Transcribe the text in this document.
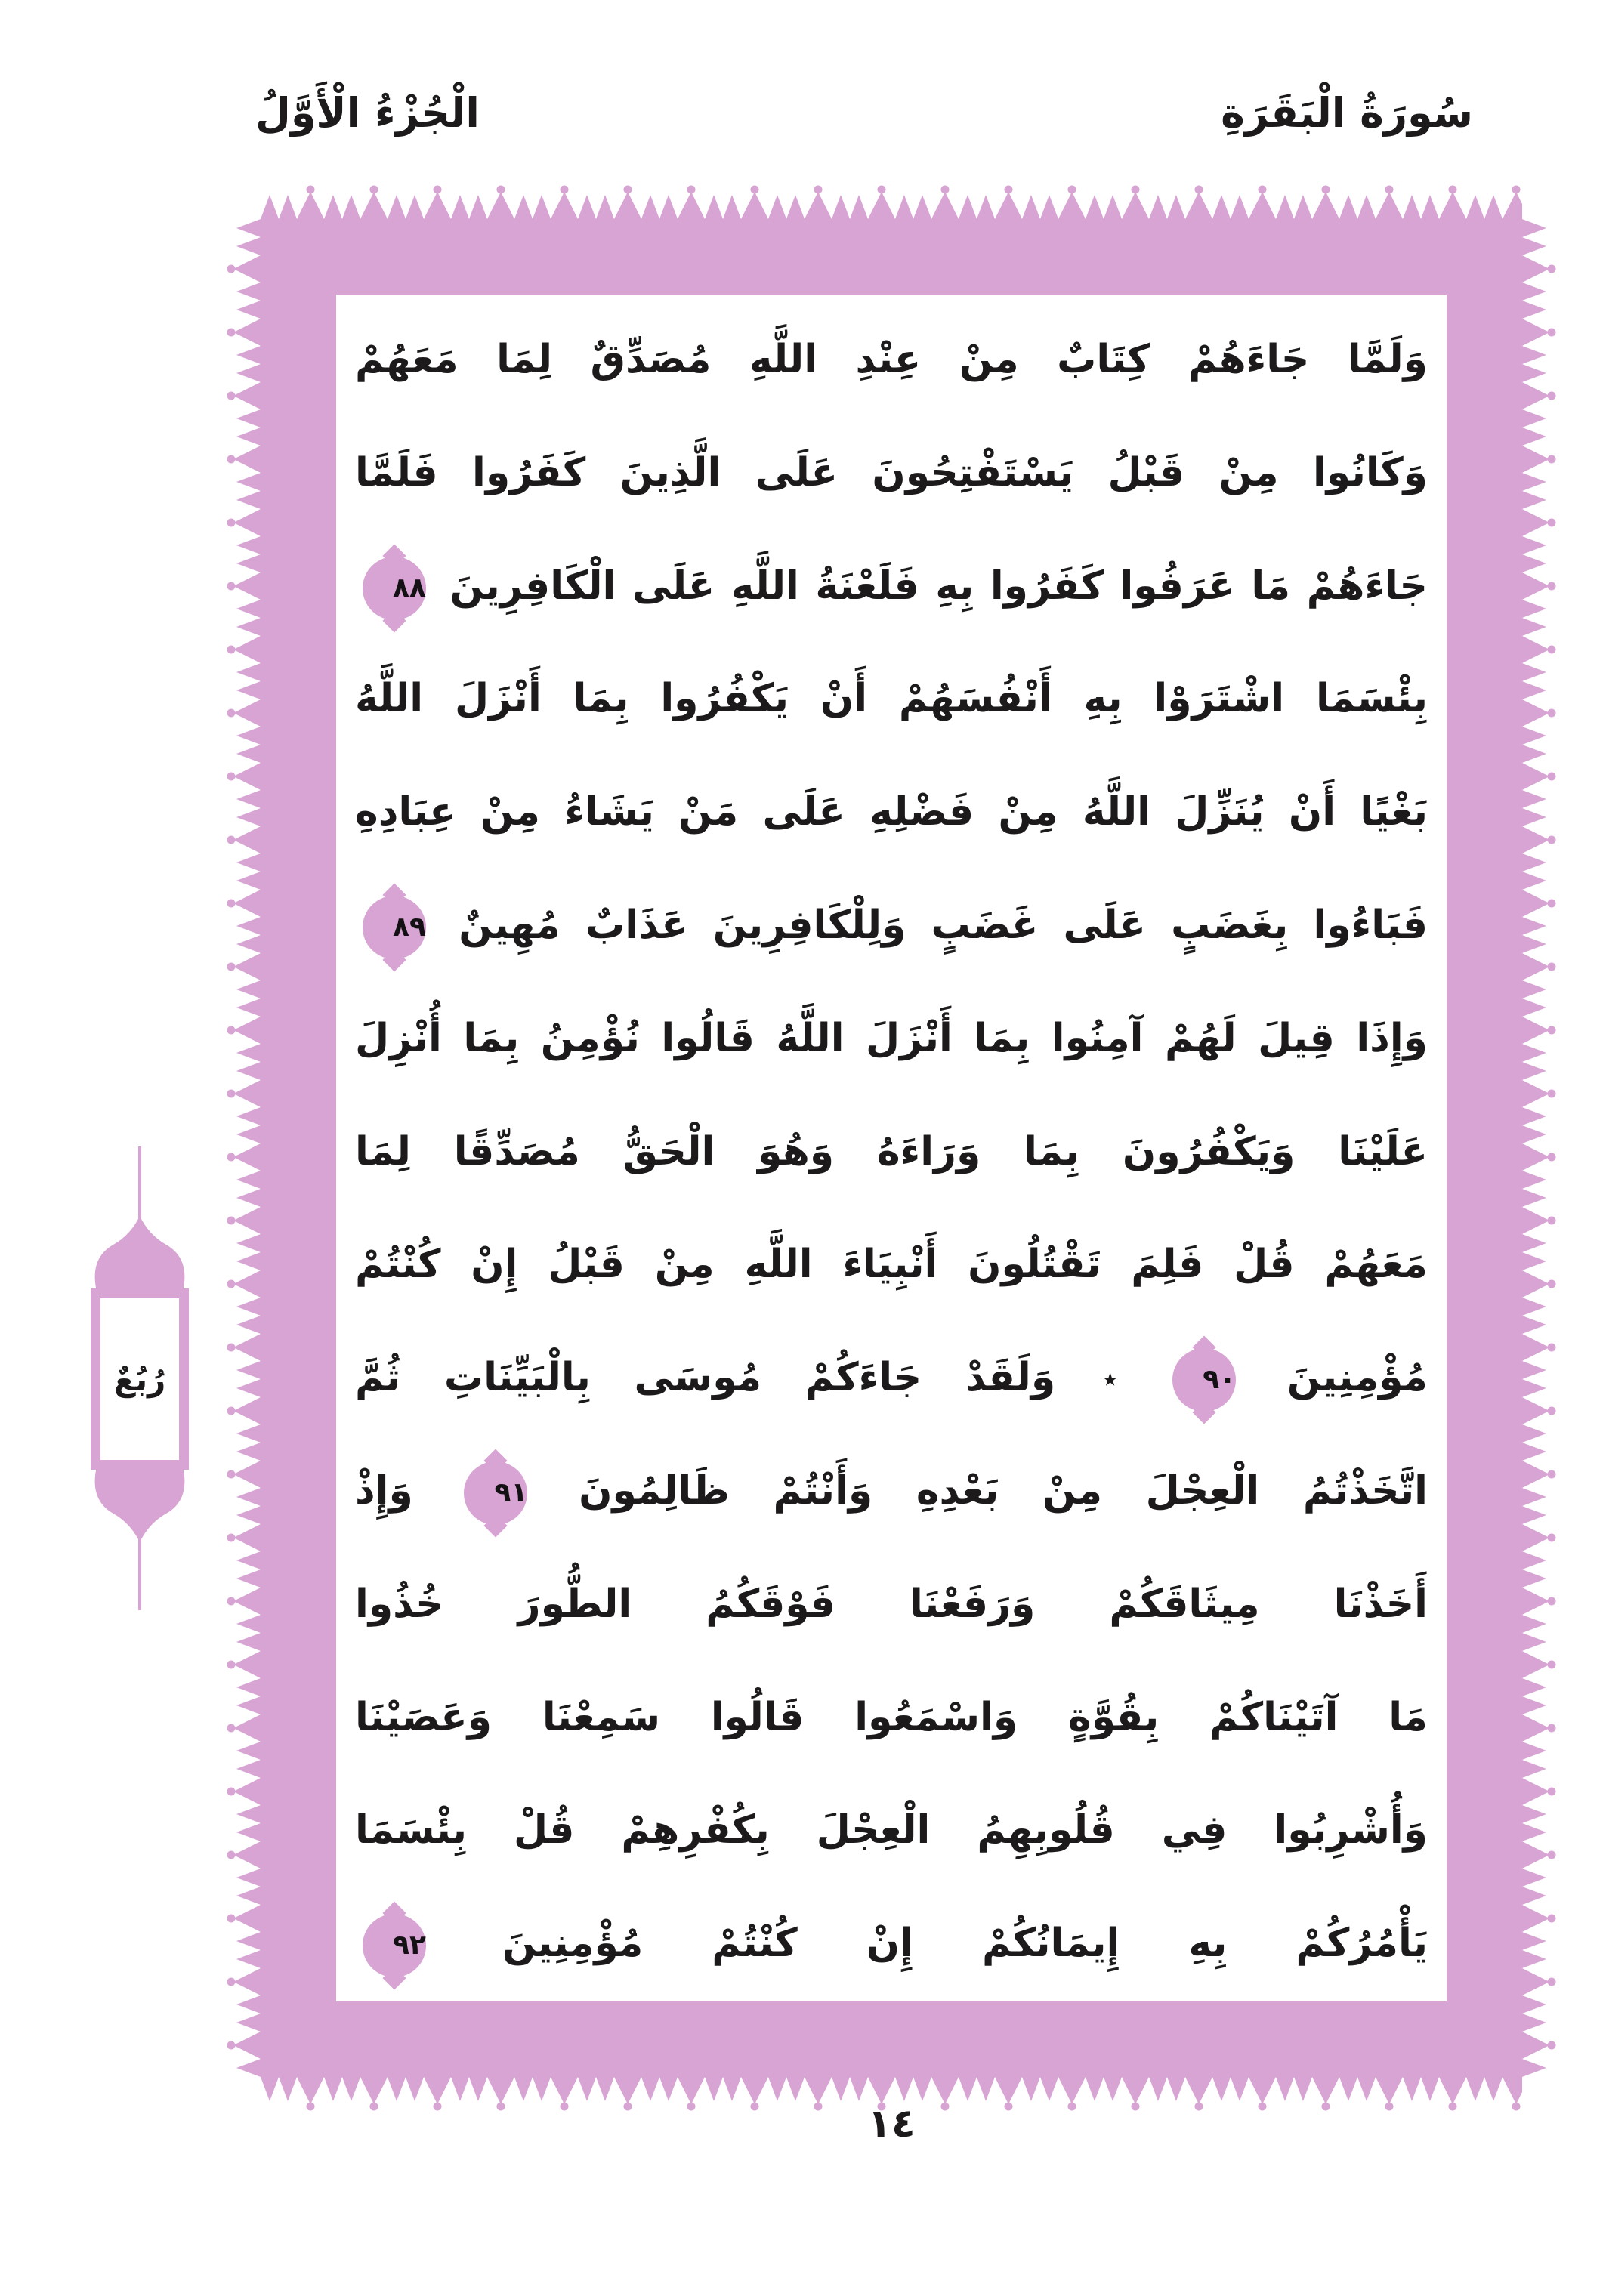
الْجُزْءُ الْأَوَّلُ	سُورَةُ الْبَقَرَةِ
وَلَمَّا جَاءَهُمْ كِتَابٌ مِنْ عِنْدِ اللَّهِ مُصَدِّقٌ لِمَا مَعَهُمْ
وَكَانُوا مِنْ قَبْلُ يَسْتَفْتِحُونَ عَلَى الَّذِينَ كَفَرُوا فَلَمَّا
جَاءَهُمْ مَا عَرَفُوا كَفَرُوا بِهِ فَلَعْنَةُ اللَّهِ عَلَى الْكَافِرِينَ ٨٨
بِئْسَمَا اشْتَرَوْا بِهِ أَنْفُسَهُمْ أَنْ يَكْفُرُوا بِمَا أَنْزَلَ اللَّهُ
بَغْيًا أَنْ يُنَزِّلَ اللَّهُ مِنْ فَضْلِهِ عَلَى مَنْ يَشَاءُ مِنْ عِبَادِهِ
فَبَاءُوا بِغَضَبٍ عَلَى غَضَبٍ وَلِلْكَافِرِينَ عَذَابٌ مُهِينٌ ٨٩
وَإِذَا قِيلَ لَهُمْ آمِنُوا بِمَا أَنْزَلَ اللَّهُ قَالُوا نُؤْمِنُ بِمَا أُنْزِلَ
عَلَيْنَا وَيَكْفُرُونَ بِمَا وَرَاءَهُ وَهُوَ الْحَقُّ مُصَدِّقًا لِمَا
مَعَهُمْ قُلْ فَلِمَ تَقْتُلُونَ أَنْبِيَاءَ اللَّهِ مِنْ قَبْلُ إِنْ كُنْتُمْ
مُؤْمِنِينَ ٩٠ ٭ وَلَقَدْ جَاءَكُمْ مُوسَى بِالْبَيِّنَاتِ ثُمَّ
اتَّخَذْتُمُ الْعِجْلَ مِنْ بَعْدِهِ وَأَنْتُمْ ظَالِمُونَ ٩١ وَإِذْ
أَخَذْنَا مِيثَاقَكُمْ وَرَفَعْنَا فَوْقَكُمُ الطُّورَ خُذُوا
مَا آتَيْنَاكُمْ بِقُوَّةٍ وَاسْمَعُوا قَالُوا سَمِعْنَا وَعَصَيْنَا
وَأُشْرِبُوا فِي قُلُوبِهِمُ الْعِجْلَ بِكُفْرِهِمْ قُلْ بِئْسَمَا
يَأْمُرُكُمْ بِهِ إِيمَانُكُمْ إِنْ كُنْتُمْ مُؤْمِنِينَ ٩٢
رُبُعٌ
١٤
